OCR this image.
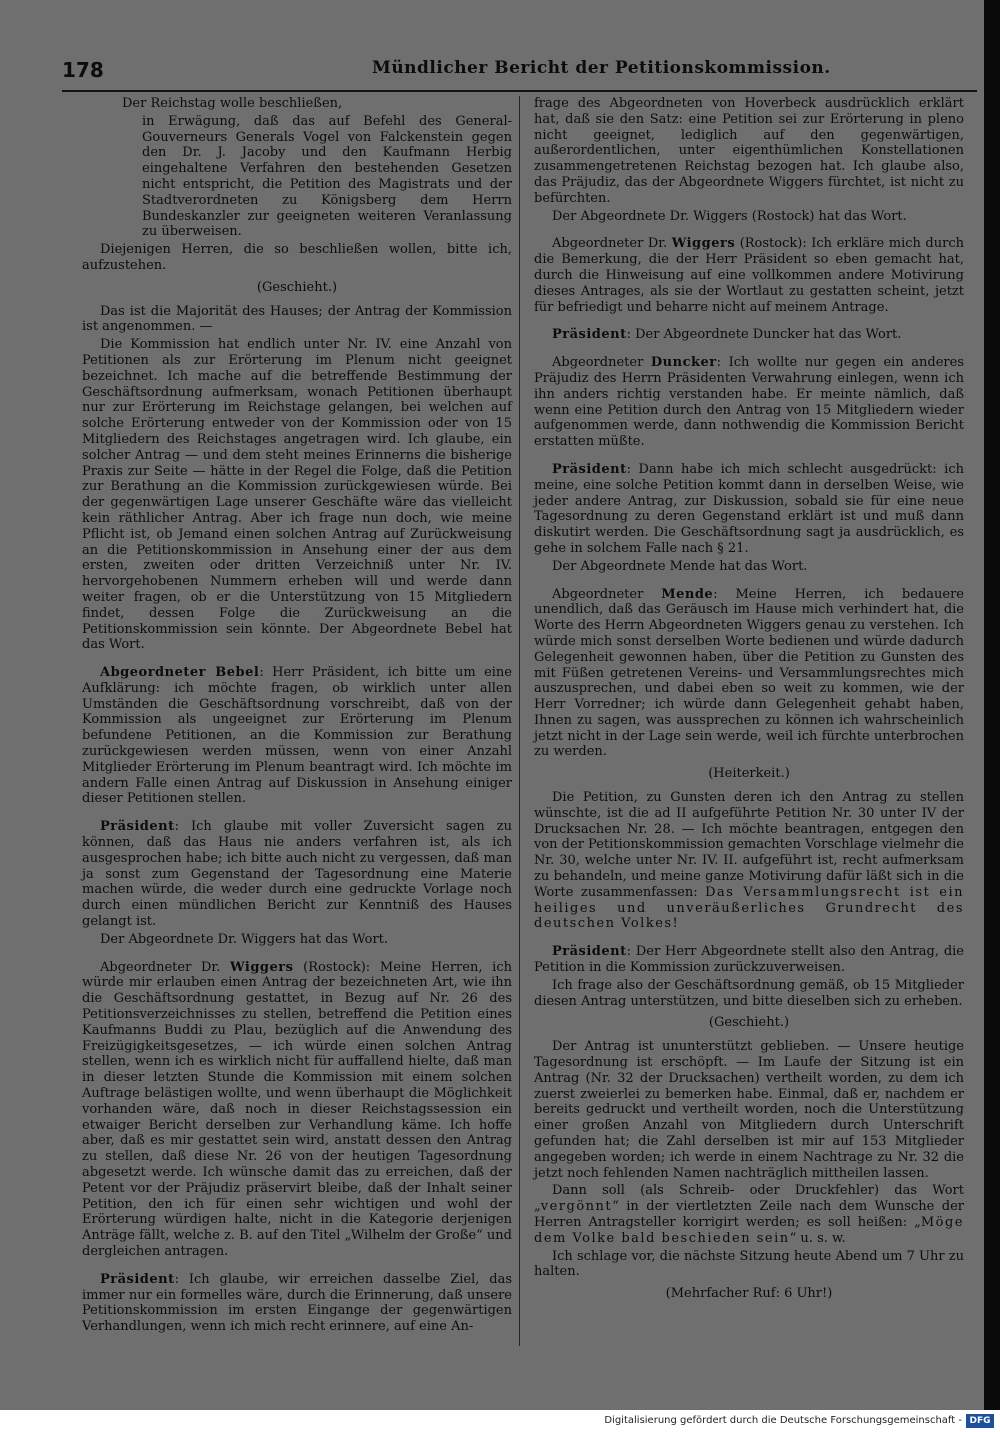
178	Mündlicher Bericht der Petitionskommission.

Der Reichstag wolle beschließen,

in Erwägung, daß das auf Befehl des General-Gouverneurs Generals Vogel von Falckenstein gegen den Dr. J. Jacoby und den Kaufmann Herbig eingehaltene Verfahren den bestehenden Gesetzen nicht entspricht, die Petition des Magistrats und der Stadtverordneten zu Königsberg dem Herrn Bundeskanzler zur geeigneten weiteren Veranlassung zu überweisen.

Diejenigen Herren, die so beschließen wollen, bitte ich, aufzustehen.

(Geschieht.)

Das ist die Majorität des Hauses; der Antrag der Kommission ist angenommen. —

Die Kommission hat endlich unter Nr. IV. eine Anzahl von Petitionen als zur Erörterung im Plenum nicht geeignet bezeichnet. Ich mache auf die betreffende Bestimmung der Geschäftsordnung aufmerksam, wonach Petitionen überhaupt nur zur Erörterung im Reichstage gelangen, bei welchen auf solche Erörterung entweder von der Kommission oder von 15 Mitgliedern des Reichstages angetragen wird. Ich glaube, ein solcher Antrag — und dem steht meines Erinnerns die bisherige Praxis zur Seite — hätte in der Regel die Folge, daß die Petition zur Berathung an die Kommission zurückgewiesen würde. Bei der gegenwärtigen Lage unserer Geschäfte wäre das vielleicht kein räthlicher Antrag. Aber ich frage nun doch, wie meine Pflicht ist, ob Jemand einen solchen Antrag auf Zurückweisung an die Petitionskommission in Ansehung einer der aus dem ersten, zweiten oder dritten Verzeichniß unter Nr. IV. hervorgehobenen Nummern erheben will und werde dann weiter fragen, ob er die Unterstützung von 15 Mitgliedern findet, dessen Folge die Zurückweisung an die Petitionskommission sein könnte. Der Abgeordnete Bebel hat das Wort.

Abgeordneter Bebel: Herr Präsident, ich bitte um eine Aufklärung: ich möchte fragen, ob wirklich unter allen Umständen die Geschäftsordnung vorschreibt, daß von der Kommission als ungeeignet zur Erörterung im Plenum befundene Petitionen, an die Kommission zur Berathung zurückgewiesen werden müssen, wenn von einer Anzahl Mitglieder Erörterung im Plenum beantragt wird. Ich möchte im andern Falle einen Antrag auf Diskussion in Ansehung einiger dieser Petitionen stellen.

Präsident: Ich glaube mit voller Zuversicht sagen zu können, daß das Haus nie anders verfahren ist, als ich ausgesprochen habe; ich bitte auch nicht zu vergessen, daß man ja sonst zum Gegenstand der Tagesordnung eine Materie machen würde, die weder durch eine gedruckte Vorlage noch durch einen mündlichen Bericht zur Kenntniß des Hauses gelangt ist.

Der Abgeordnete Dr. Wiggers hat das Wort.

Abgeordneter Dr. Wiggers (Rostock): Meine Herren, ich würde mir erlauben einen Antrag der bezeichneten Art, wie ihn die Geschäftsordnung gestattet, in Bezug auf Nr. 26 des Petitionsverzeichnisses zu stellen, betreffend die Petition eines Kaufmanns Buddi zu Plau, bezüglich auf die Anwendung des Freizügigkeitsgesetzes, — ich würde einen solchen Antrag stellen, wenn ich es wirklich nicht für auffallend hielte, daß man in dieser letzten Stunde die Kommission mit einem solchen Auftrage belästigen wollte, und wenn überhaupt die Möglichkeit vorhanden wäre, daß noch in dieser Reichstagssession ein etwaiger Bericht derselben zur Verhandlung käme. Ich hoffe aber, daß es mir gestattet sein wird, anstatt dessen den Antrag zu stellen, daß diese Nr. 26 von der heutigen Tagesordnung abgesetzt werde. Ich wünsche damit das zu erreichen, daß der Petent vor der Präjudiz präservirt bleibe, daß der Inhalt seiner Petition, den ich für einen sehr wichtigen und wohl der Erörterung würdigen halte, nicht in die Kategorie derjenigen Anträge fällt, welche z. B. auf den Titel „Wilhelm der Große“ und dergleichen antragen.

Präsident: Ich glaube, wir erreichen dasselbe Ziel, das immer nur ein formelles wäre, durch die Erinnerung, daß unsere Petitionskommission im ersten Eingange der gegenwärtigen Verhandlungen, wenn ich mich recht erinnere, auf eine An-

frage des Abgeordneten von Hoverbeck ausdrücklich erklärt hat, daß sie den Satz: eine Petition sei zur Erörterung in pleno nicht geeignet, lediglich auf den gegenwärtigen, außerordentlichen, unter eigenthümlichen Konstellationen zusammengetretenen Reichstag bezogen hat. Ich glaube also, das Präjudiz, das der Abgeordnete Wiggers fürchtet, ist nicht zu befürchten.

Der Abgeordnete Dr. Wiggers (Rostock) hat das Wort.

Abgeordneter Dr. Wiggers (Rostock): Ich erkläre mich durch die Bemerkung, die der Herr Präsident so eben gemacht hat, durch die Hinweisung auf eine vollkommen andere Motivirung dieses Antrages, als sie der Wortlaut zu gestatten scheint, jetzt für befriedigt und beharre nicht auf meinem Antrage.

Präsident: Der Abgeordnete Duncker hat das Wort.

Abgeordneter Duncker: Ich wollte nur gegen ein anderes Präjudiz des Herrn Präsidenten Verwahrung einlegen, wenn ich ihn anders richtig verstanden habe. Er meinte nämlich, daß wenn eine Petition durch den Antrag von 15 Mitgliedern wieder aufgenommen werde, dann nothwendig die Kommission Bericht erstatten müßte.

Präsident: Dann habe ich mich schlecht ausgedrückt: ich meine, eine solche Petition kommt dann in derselben Weise, wie jeder andere Antrag, zur Diskussion, sobald sie für eine neue Tagesordnung zu deren Gegenstand erklärt ist und muß dann diskutirt werden. Die Geschäftsordnung sagt ja ausdrücklich, es gehe in solchem Falle nach § 21.

Der Abgeordnete Mende hat das Wort.

Abgeordneter Mende: Meine Herren, ich bedauere unendlich, daß das Geräusch im Hause mich verhindert hat, die Worte des Herrn Abgeordneten Wiggers genau zu verstehen. Ich würde mich sonst derselben Worte bedienen und würde dadurch Gelegenheit gewonnen haben, über die Petition zu Gunsten des mit Füßen getretenen Vereins- und Versammlungsrechtes mich auszusprechen, und dabei eben so weit zu kommen, wie der Herr Vorredner; ich würde dann Gelegenheit gehabt haben, Ihnen zu sagen, was aussprechen zu können ich wahrscheinlich jetzt nicht in der Lage sein werde, weil ich fürchte unterbrochen zu werden.

(Heiterkeit.)

Die Petition, zu Gunsten deren ich den Antrag zu stellen wünschte, ist die ad II aufgeführte Petition Nr. 30 unter IV der Drucksachen Nr. 28. — Ich möchte beantragen, entgegen den von der Petitionskommission gemachten Vorschlage vielmehr die Nr. 30, welche unter Nr. IV. II. aufgeführt ist, recht aufmerksam zu behandeln, und meine ganze Motivirung dafür läßt sich in die Worte zusammenfassen: Das Versammlungsrecht ist ein heiliges und unveräußerliches Grundrecht des deutschen Volkes!

Präsident: Der Herr Abgeordnete stellt also den Antrag, die Petition in die Kommission zurückzuverweisen.

Ich frage also der Geschäftsordnung gemäß, ob 15 Mitglieder diesen Antrag unterstützen, und bitte dieselben sich zu erheben.

(Geschieht.)

Der Antrag ist ununterstützt geblieben. — Unsere heutige Tagesordnung ist erschöpft. — Im Laufe der Sitzung ist ein Antrag (Nr. 32 der Drucksachen) vertheilt worden, zu dem ich zuerst zweierlei zu bemerken habe. Einmal, daß er, nachdem er bereits gedruckt und vertheilt worden, noch die Unterstützung einer großen Anzahl von Mitgliedern durch Unterschrift gefunden hat; die Zahl derselben ist mir auf 153 Mitglieder angegeben worden; ich werde in einem Nachtrage zu Nr. 32 die jetzt noch fehlenden Namen nachträglich mittheilen lassen.

Dann soll (als Schreib- oder Druckfehler) das Wort „vergönnt“ in der viertletzten Zeile nach dem Wunsche der Herren Antragsteller korrigirt werden; es soll heißen: „Möge dem Volke bald beschieden sein“ u. s. w.

Ich schlage vor, die nächste Sitzung heute Abend um 7 Uhr zu halten.

(Mehrfacher Ruf: 6 Uhr!)

Digitalisierung gefördert durch die Deutsche Forschungsgemeinschaft - DFG
